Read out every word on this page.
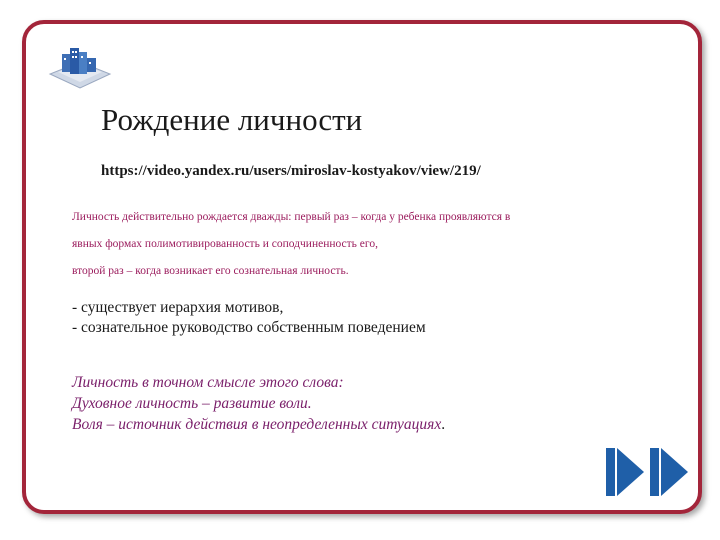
Рождение личности
https://video.yandex.ru/users/miroslav-kostyakov/view/219/
Личность действительно рождается дважды: первый раз – когда у ребенка проявляются в
явных формах полимотивированность и соподчиненность его,
второй раз – когда возникает его сознательная личность.
- существует иерархия мотивов,
- сознательное руководство собственным поведением
Личность в точном смысле этого слова:
Духовное личность – развитие воли.
Воля – источник действия в неопределенных ситуациях.
